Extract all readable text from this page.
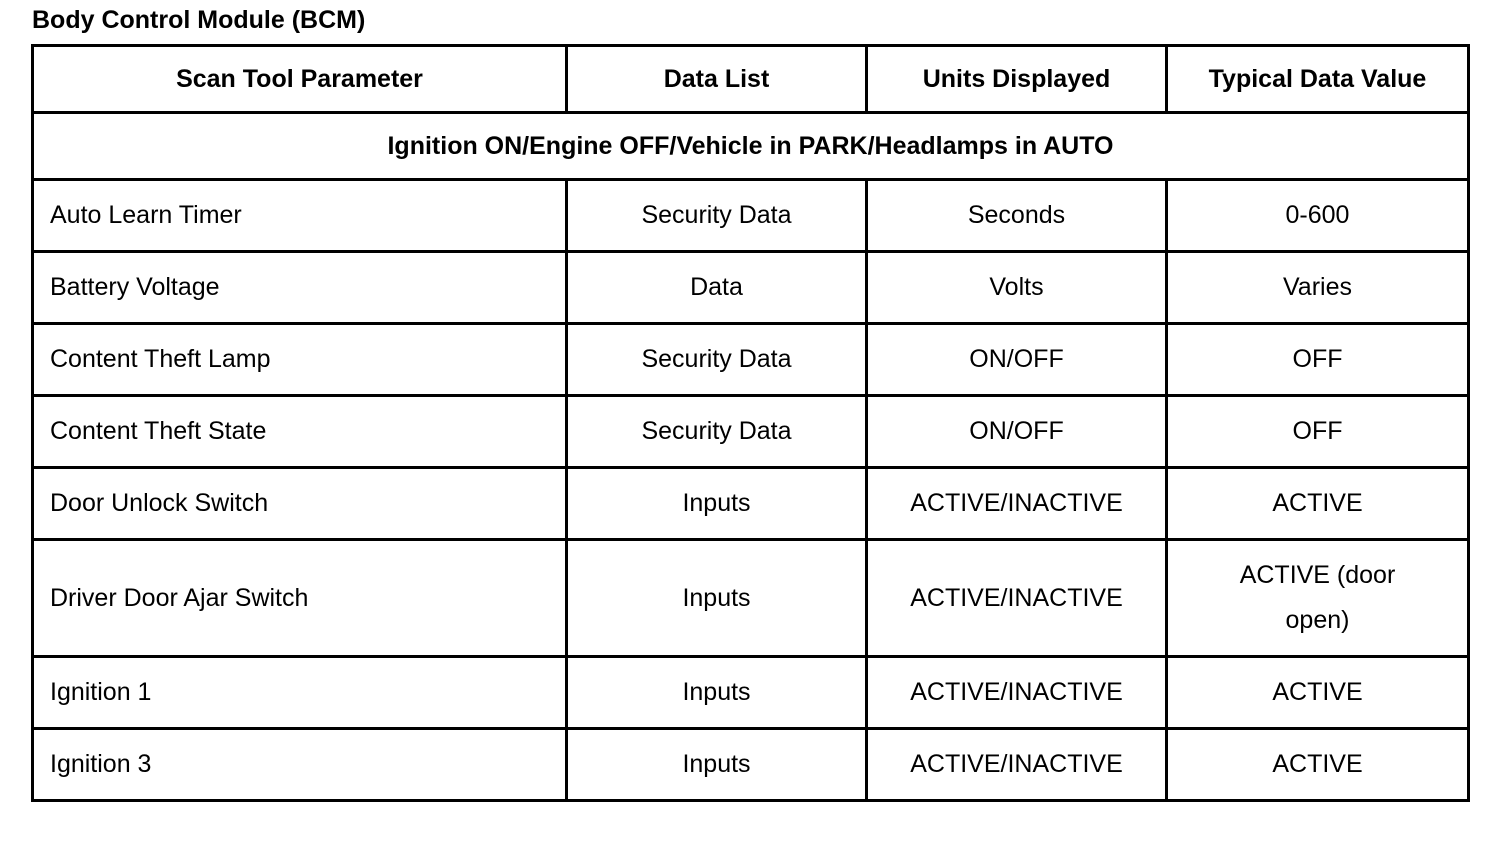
Body Control Module (BCM)
Scan Tool Parameter	Data List	Units Displayed	Typical Data Value
Ignition ON/Engine OFF/Vehicle in PARK/Headlamps in AUTO			
Auto Learn Timer	Security Data	Seconds	0-600
Battery Voltage	Data	Volts	Varies
Content Theft Lamp	Security Data	ON/OFF	OFF
Content Theft State	Security Data	ON/OFF	OFF
Door Unlock Switch	Inputs	ACTIVE/INACTIVE	ACTIVE
Driver Door Ajar Switch	Inputs	ACTIVE/INACTIVE	ACTIVE (door open)
Ignition 1	Inputs	ACTIVE/INACTIVE	ACTIVE
Ignition 3	Inputs	ACTIVE/INACTIVE	ACTIVE
